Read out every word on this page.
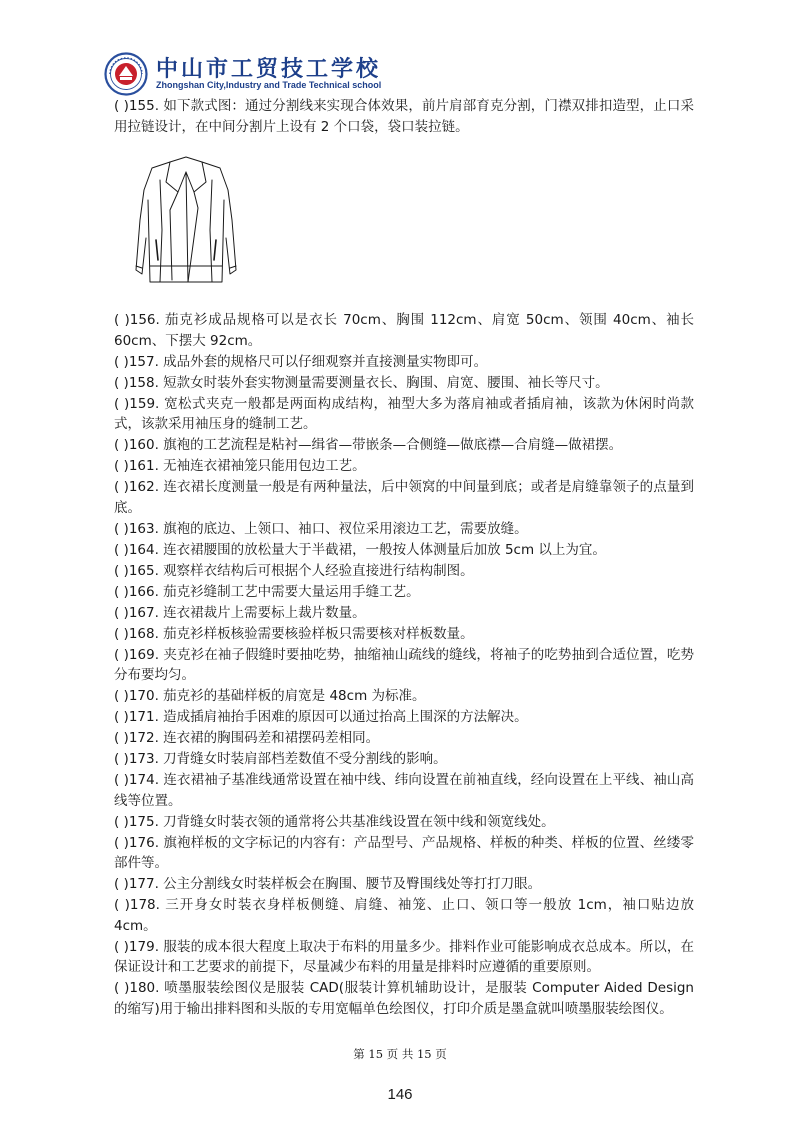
中山市工贸技工学校
Zhongshan City,Industry and Trade Technical school
( )155. 如下款式图：通过分割线来实现合体效果，前片肩部育克分割，门襟双排扣造型，止口采用拉链设计，在中间分割片上设有 2 个口袋，袋口装拉链。
( )156. 茄克衫成品规格可以是衣长 70cm、胸围 112cm、肩宽 50cm、领围 40cm、袖长 60cm、下摆大 92cm。
( )157. 成品外套的规格尺可以仔细观察并直接测量实物即可。
( )158. 短款女时装外套实物测量需要测量衣长、胸围、肩宽、腰围、袖长等尺寸。
( )159. 宽松式夹克一般都是两面构成结构，袖型大多为落肩袖或者插肩袖，该款为休闲时尚款式，该款采用袖压身的缝制工艺。
( )160. 旗袍的工艺流程是粘衬—缉省—带嵌条—合侧缝—做底襟—合肩缝—做裙摆。
( )161. 无袖连衣裙袖笼只能用包边工艺。
( )162. 连衣裙长度测量一般是有两种量法，后中领窝的中间量到底；或者是肩缝靠领子的点量到底。
( )163. 旗袍的底边、上领口、袖口、衩位采用滚边工艺，需要放缝。
( )164. 连衣裙腰围的放松量大于半截裙，一般按人体测量后加放 5cm 以上为宜。
( )165. 观察样衣结构后可根据个人经验直接进行结构制图。
( )166. 茄克衫缝制工艺中需要大量运用手缝工艺。
( )167. 连衣裙裁片上需要标上裁片数量。
( )168. 茄克衫样板核验需要核验样板只需要核对样板数量。
( )169. 夹克衫在袖子假缝时要抽吃势，抽缩袖山疏线的缝线，将袖子的吃势抽到合适位置，吃势分布要均匀。
( )170. 茄克衫的基础样板的肩宽是 48cm 为标准。
( )171. 造成插肩袖抬手困难的原因可以通过抬高上围深的方法解决。
( )172. 连衣裙的胸围码差和裙摆码差相同。
( )173. 刀背缝女时装肩部档差数值不受分割线的影响。
( )174. 连衣裙袖子基准线通常设置在袖中线、纬向设置在前袖直线，经向设置在上平线、袖山高线等位置。
( )175. 刀背缝女时装衣领的通常将公共基准线设置在领中线和领宽线处。
( )176. 旗袍样板的文字标记的内容有：产品型号、产品规格、样板的种类、样板的位置、丝缕零部件等。
( )177. 公主分割线女时装样板会在胸围、腰节及臀围线处等打打刀眼。
( )178. 三开身女时装衣身样板侧缝、肩缝、袖笼、止口、领口等一般放 1cm，袖口贴边放 4cm。
( )179. 服装的成本很大程度上取决于布料的用量多少。排料作业可能影响成衣总成本。所以，在保证设计和工艺要求的前提下，尽量减少布料的用量是排料时应遵循的重要原则。
( )180. 喷墨服装绘图仪是服装 CAD(服装计算机辅助设计，是服装 Computer Aided Design 的缩写)用于输出排料图和头版的专用宽幅单色绘图仪，打印介质是墨盒就叫喷墨服装绘图仪。
第 15 页 共 15 页
146
